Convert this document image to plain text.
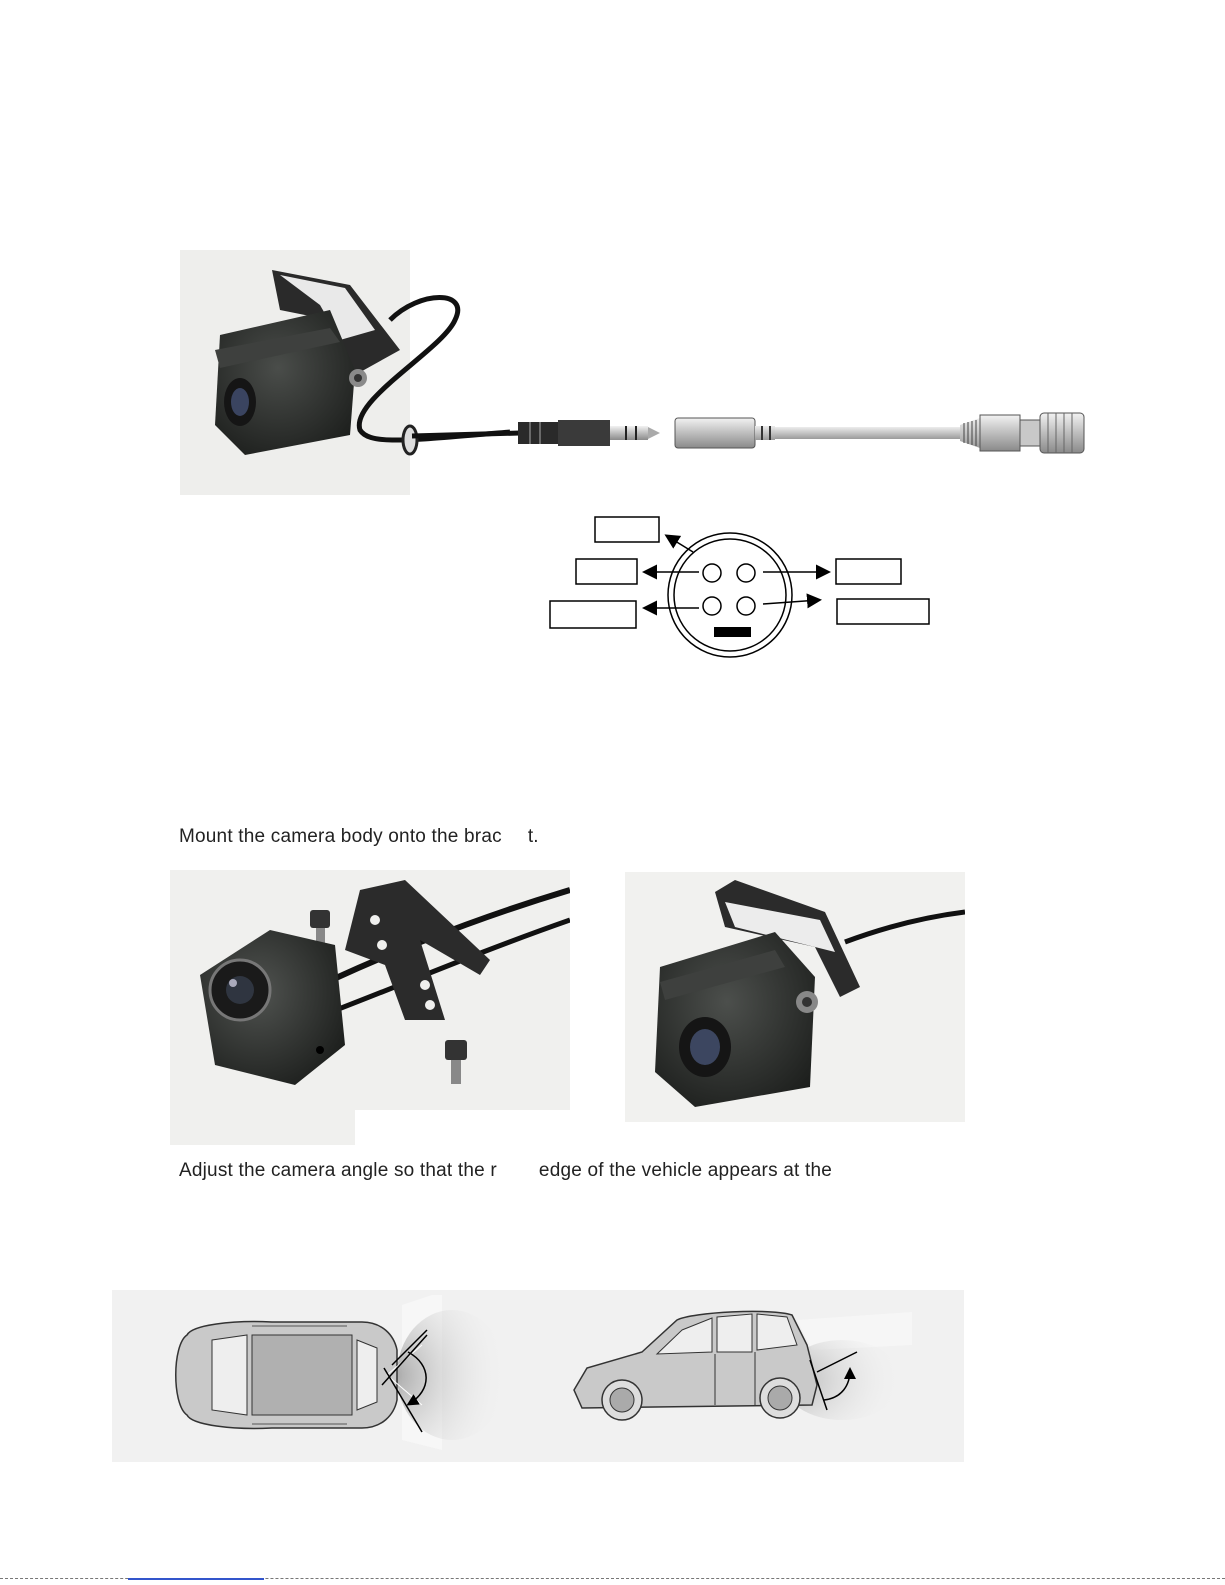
Mount the camera body onto the brac t.
Adjust the camera angle so that the r edge of the vehicle appears at the
